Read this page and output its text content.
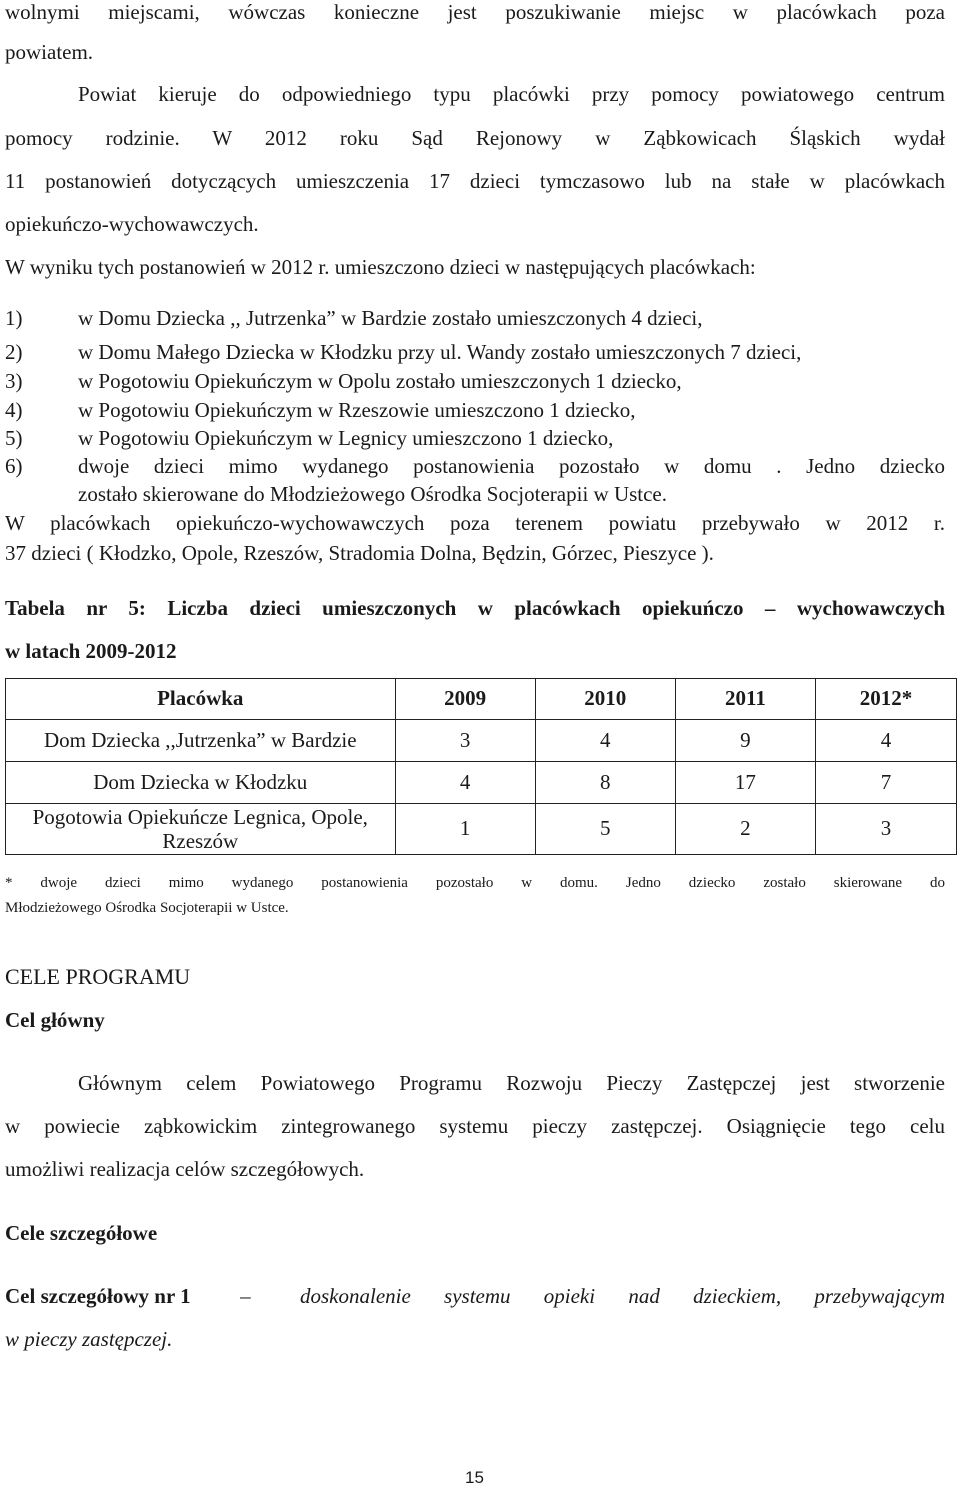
wolnymi miejscami, wówczas konieczne jest poszukiwanie miejsc w placówkach poza
powiatem.
Powiat kieruje do odpowiedniego typu placówki przy pomocy powiatowego centrum
pomocy rodzinie. W 2012 roku Sąd Rejonowy w Ząbkowicach Śląskich wydał
11 postanowień dotyczących umieszczenia 17 dzieci tymczasowo lub na stałe w placówkach
opiekuńczo-wychowawczych.
W wyniku tych postanowień w 2012 r. umieszczono dzieci w następujących placówkach:
1)	w Domu Dziecka ,, Jutrzenka” w Bardzie zostało umieszczonych 4 dzieci,
2)	w Domu Małego Dziecka w Kłodzku przy ul. Wandy zostało umieszczonych 7 dzieci,
3)	w Pogotowiu Opiekuńczym w Opolu zostało umieszczonych 1 dziecko,
4)	w Pogotowiu Opiekuńczym w Rzeszowie umieszczono 1 dziecko,
5)	w Pogotowiu Opiekuńczym w Legnicy umieszczono 1 dziecko,
6)	dwoje dzieci mimo wydanego postanowienia pozostało w domu . Jedno dziecko
zostało skierowane do Młodzieżowego Ośrodka Socjoterapii w Ustce.
W placówkach opiekuńczo-wychowawczych poza terenem powiatu przebywało w 2012 r.
37 dzieci ( Kłodzko, Opole, Rzeszów, Stradomia Dolna, Będzin, Górzec, Pieszyce ).
Tabela nr 5: Liczba dzieci umieszczonych w placówkach opiekuńczo – wychowawczych
w latach 2009-2012
Placówka	2009	2010	2011	2012*
Dom Dziecka ,,Jutrzenka” w Bardzie	3	4	9	4
Dom Dziecka w Kłodzku	4	8	17	7
Pogotowia Opiekuńcze Legnica, Opole, Rzeszów	1	5	2	3
* dwoje dzieci mimo wydanego postanowienia pozostało w domu. Jedno dziecko zostało skierowane do
Młodzieżowego Ośrodka Socjoterapii w Ustce.
CELE PROGRAMU
Cel główny
Głównym celem Powiatowego Programu Rozwoju Pieczy Zastępczej jest stworzenie
w powiecie ząbkowickim zintegrowanego systemu pieczy zastępczej. Osiągnięcie tego celu
umożliwi realizacja celów szczegółowych.
Cele szczegółowe
Cel szczegółowy nr 1 – doskonalenie systemu opieki nad dzieckiem, przebywającym
w pieczy zastępczej.
15
